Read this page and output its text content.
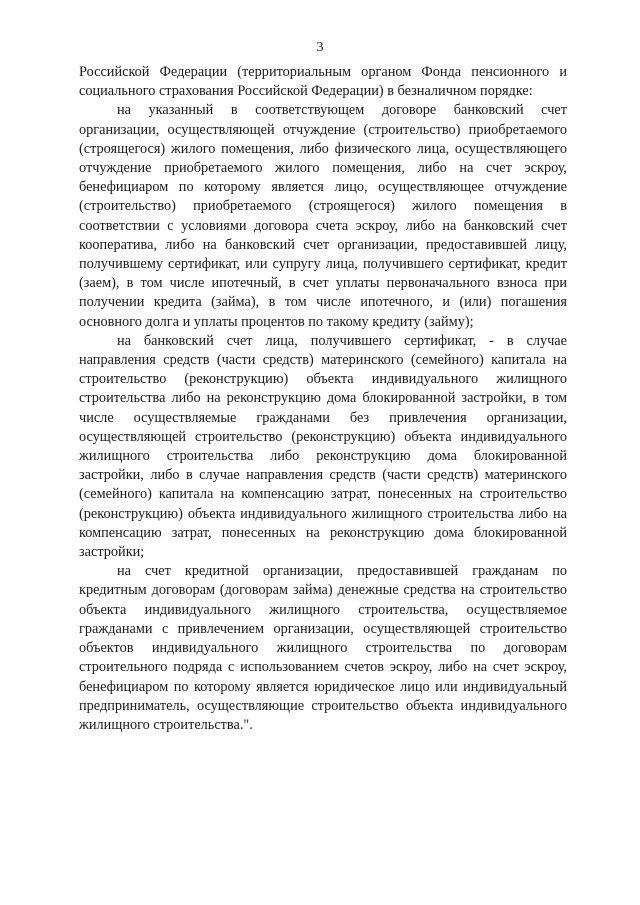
3

Российской Федерации (территориальным органом Фонда пенсионного и социального страхования Российской Федерации) в безналичном порядке:

на указанный в соответствующем договоре банковский счет организации, осуществляющей отчуждение (строительство) приобретаемого (строящегося) жилого помещения, либо физического лица, осуществляющего отчуждение приобретаемого жилого помещения, либо на счет эскроу, бенефициаром по которому является лицо, осуществляющее отчуждение (строительство) приобретаемого (строящегося) жилого помещения в соответствии с условиями договора счета эскроу, либо на банковский счет кооператива, либо на банковский счет организации, предоставившей лицу, получившему сертификат, или супругу лица, получившего сертификат, кредит (заем), в том числе ипотечный, в счет уплаты первоначального взноса при получении кредита (займа), в том числе ипотечного, и (или) погашения основного долга и уплаты процентов по такому кредиту (займу);

на банковский счет лица, получившего сертификат, - в случае направления средств (части средств) материнского (семейного) капитала на строительство (реконструкцию) объекта индивидуального жилищного строительства либо на реконструкцию дома блокированной застройки, в том числе осуществляемые гражданами без привлечения организации, осуществляющей строительство (реконструкцию) объекта индивидуального жилищного строительства либо реконструкцию дома блокированной застройки, либо в случае направления средств (части средств) материнского (семейного) капитала на компенсацию затрат, понесенных на строительство (реконструкцию) объекта индивидуального жилищного строительства либо на компенсацию затрат, понесенных на реконструкцию дома блокированной застройки;

на счет кредитной организации, предоставившей гражданам по кредитным договорам (договорам займа) денежные средства на строительство объекта индивидуального жилищного строительства, осуществляемое гражданами с привлечением организации, осуществляющей строительство объектов индивидуального жилищного строительства по договорам строительного подряда с использованием счетов эскроу, либо на счет эскроу, бенефициаром по которому является юридическое лицо или индивидуальный предприниматель, осуществляющие строительство объекта индивидуального жилищного строительства.".
